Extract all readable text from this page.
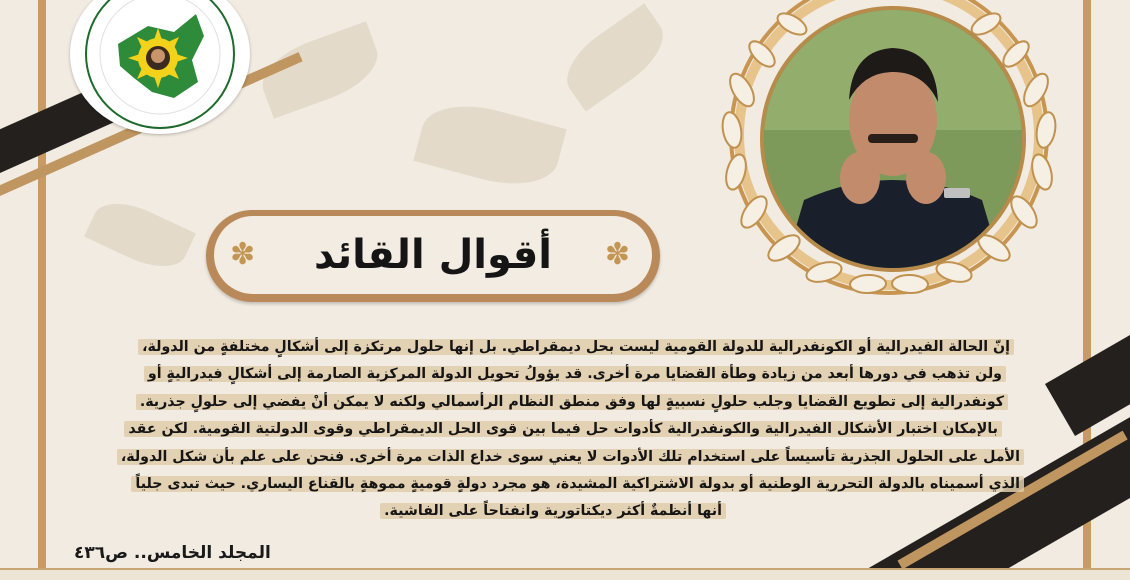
أقوال القائد
✽	✽
إنّ الحالة الفيدرالية أو الكونفدرالية للدولة القومية ليست بحل ديمقراطي. بل إنها حلول مرتكزة إلى أشكالٍ مختلفةٍ من الدولة،
ولن تذهب في دورها أبعد من زيادة وطأة القضايا مرة أخرى. قد يؤولُ تحويل الدولة المركزية الصارمة إلى أشكالٍ فيدراليةٍ أو
كونفدرالية إلى تطويع القضايا وجلب حلولٍ نسبيةٍ لها وفق منطق النظام الرأسمالي ولكنه لا يمكن أنْ يفضي إلى حلولٍ جذرية.
بالإمكان اختبار الأشكال الفيدرالية والكونفدرالية كأدوات حل فيما بين قوى الحل الديمقراطي وقوى الدولتية القومية. لكن عقد
الأمل على الحلول الجذرية تأسيساً على استخدام تلك الأدوات لا يعني سوى خداع الذات مرة أخرى. فنحن على علم بأن شكل الدولة،
الذي أسميناه بالدولة التحررية الوطنية أو بدولة الاشتراكية المشيدة، هو مجرد دولةٍ قوميةٍ مموهةٍ بالقناع اليساري. حيث تبدى جلياً
أنها أنظمةٌ أكثر ديكتاتورية وانفتاحاً على الفاشية.
المجلد الخامس.. ص٤٣٦
